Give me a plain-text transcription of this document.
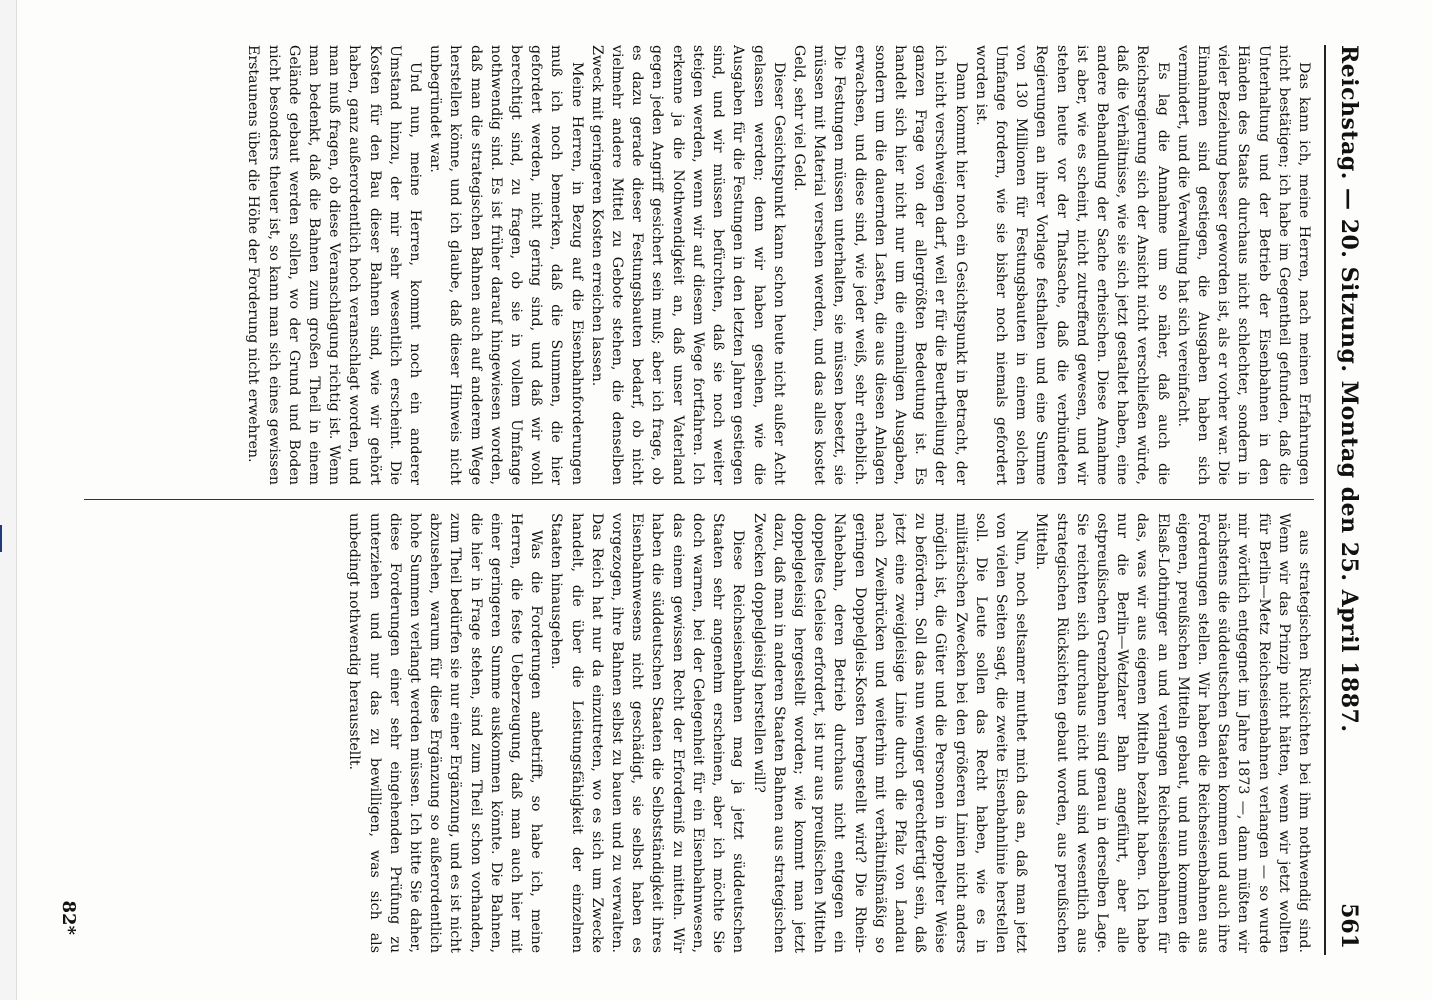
Reichstag. — 20. Sitzung. Montag den 25. April 1887.
561

Das kann ich, meine Herren, nach meinen Erfahrungen nicht bestätigen; ich habe im Gegentheil gefunden, daß die Unterhaltung und der Betrieb der Eisenbahnen in den Händen des Staats durchaus nicht schlechter, sondern in vieler Beziehung besser geworden ist, als er vorher war. Die Einnahmen sind gestiegen, die Ausgaben haben sich vermindert, und die Verwaltung hat sich vereinfacht.

Es lag die Annahme um so näher, daß auch die Reichsregierung sich der Ansicht nicht verschließen würde, daß die Verhältnisse, wie sie sich jetzt gestaltet haben, eine andere Behandlung der Sache erheischen. Diese Annahme ist aber, wie es scheint, nicht zutreffend gewesen, und wir stehen heute vor der Thatsache, daß die verbündeten Regierungen an ihrer Vorlage festhalten und eine Summe von 130 Millionen für Festungsbauten in einem solchen Umfange fordern, wie sie bisher noch niemals gefordert worden ist.

Dann kommt hier noch ein Gesichtspunkt in Betracht, der ich nicht verschweigen darf, weil er für die Beurtheilung der ganzen Frage von der allergrößten Bedeutung ist. Es handelt sich hier nicht nur um die einmaligen Ausgaben, sondern um die dauernden Lasten, die aus diesen Anlagen erwachsen, und diese sind, wie jeder weiß, sehr erheblich. Die Festungen müssen unterhalten, sie müssen besetzt, sie müssen mit Material versehen werden, und das alles kostet Geld, sehr viel Geld.

Dieser Gesichtspunkt kann schon heute nicht außer Acht gelassen werden; denn wir haben gesehen, wie die Ausgaben für die Festungen in den letzten Jahren gestiegen sind, und wir müssen befürchten, daß sie noch weiter steigen werden, wenn wir auf diesem Wege fortfahren. Ich erkenne ja die Nothwendigkeit an, daß unser Vaterland gegen jeden Angriff gesichert sein muß; aber ich frage, ob es dazu gerade dieser Festungsbauten bedarf, ob nicht vielmehr andere Mittel zu Gebote stehen, die denselben Zweck mit geringeren Kosten erreichen lassen.

Meine Herren, in Bezug auf die Eisenbahnforderungen muß ich noch bemerken, daß die Summen, die hier gefordert werden, nicht gering sind, und daß wir wohl berechtigt sind, zu fragen, ob sie in vollem Umfange nothwendig sind. Es ist früher darauf hingewiesen worden, daß man die strategischen Bahnen auch auf anderem Wege herstellen könne, und ich glaube, daß dieser Hinweis nicht unbegründet war.

Und nun, meine Herren, kommt noch ein anderer Umstand hinzu, der mir sehr wesentlich erscheint. Die Kosten für den Bau dieser Bahnen sind, wie wir gehört haben, ganz außerordentlich hoch veranschlagt worden, und man muß fragen, ob diese Veranschlagung richtig ist. Wenn man bedenkt, daß die Bahnen zum großen Theil in einem Gelände gebaut werden sollen, wo der Grund und Boden nicht besonders theuer ist, so kann man sich eines gewissen Erstaunens über die Höhe der Forderung nicht erwehren.

aus strategischen Rücksichten bei ihm nothwendig sind. Wenn wir das Prinzip nicht hätten, wenn wir jetzt wollten für Berlin—Metz Reichseisenbahnen verlangen — so wurde mir wörtlich entgegnet im Jahre 1873 —, dann müßten wir nächstens die süddeutschen Staaten kommen und auch ihre Forderungen stellen. Wir haben die Reichseisenbahnen aus eigenen, preußischen Mitteln gebaut, und nun kommen die Elsaß-Lothringer an und verlangen Reichseisenbahnen für das, was wir aus eigenen Mitteln bezahlt haben. Ich habe nur die Berlin—Wetzlarer Bahn angeführt, aber alle ostpreußischen Grenzbahnen sind genau in derselben Lage. Sie reichten sich durchaus nicht und sind wesentlich aus strategischen Rücksichten gebaut worden, aus preußischen Mitteln.

Nun, noch seltsamer muthet mich das an, daß man jetzt von vielen Seiten sagt, die zweite Eisenbahnlinie herstellen soll. Die Leute sollen das Recht haben, wie es in militärischen Zwecken bei den größeren Linien nicht anders möglich ist, die Güter und die Personen in doppelter Weise zu befördern. Soll das nun weniger gerechtfertigt sein, daß jetzt eine zweigleisige Linie durch die Pfalz von Landau nach Zweibrücken und weiterhin mit verhältnißmäßig so geringen Doppelgleis-Kosten hergestellt wird? Die Rhein-Nahebahn, deren Betrieb durchaus nicht entgegen ein doppeltes Geleise erfordert, ist nur aus preußischen Mitteln doppelgeleisig hergestellt worden; wie kommt man jetzt dazu, daß man in anderen Staaten Bahnen aus strategischen Zwecken doppelgleisig herstellen will?

Diese Reichseisenbahnen mag ja jetzt süddeutschen Staaten sehr angenehm erscheinen, aber ich möchte Sie doch warnen, bei der Gelegenheit für ein Eisenbahnwesen, das einem gewissen Recht der Erforderniß zu mitteln. Wir haben die süddeutschen Staaten die Selbstständigkeit ihres Eisenbahnwesens nicht geschädigt, sie selbst haben es vorgezogen, ihre Bahnen selbst zu bauen und zu verwalten. Das Reich hat nur da einzutreten, wo es sich um Zwecke handelt, die über die Leistungsfähigkeit der einzelnen Staaten hinausgehen.

Was die Forderungen anbetrifft, so habe ich, meine Herren, die feste Ueberzeugung, daß man auch hier mit einer geringeren Summe auskommen könnte. Die Bahnen, die hier in Frage stehen, sind zum Theil schon vorhanden, zum Theil bedürfen sie nur einer Ergänzung, und es ist nicht abzusehen, warum für diese Ergänzung so außerordentlich hohe Summen verlangt werden müssen. Ich bitte Sie daher, diese Forderungen einer sehr eingehenden Prüfung zu unterziehen und nur das zu bewilligen, was sich als unbedingt nothwendig herausstellt.

82*
